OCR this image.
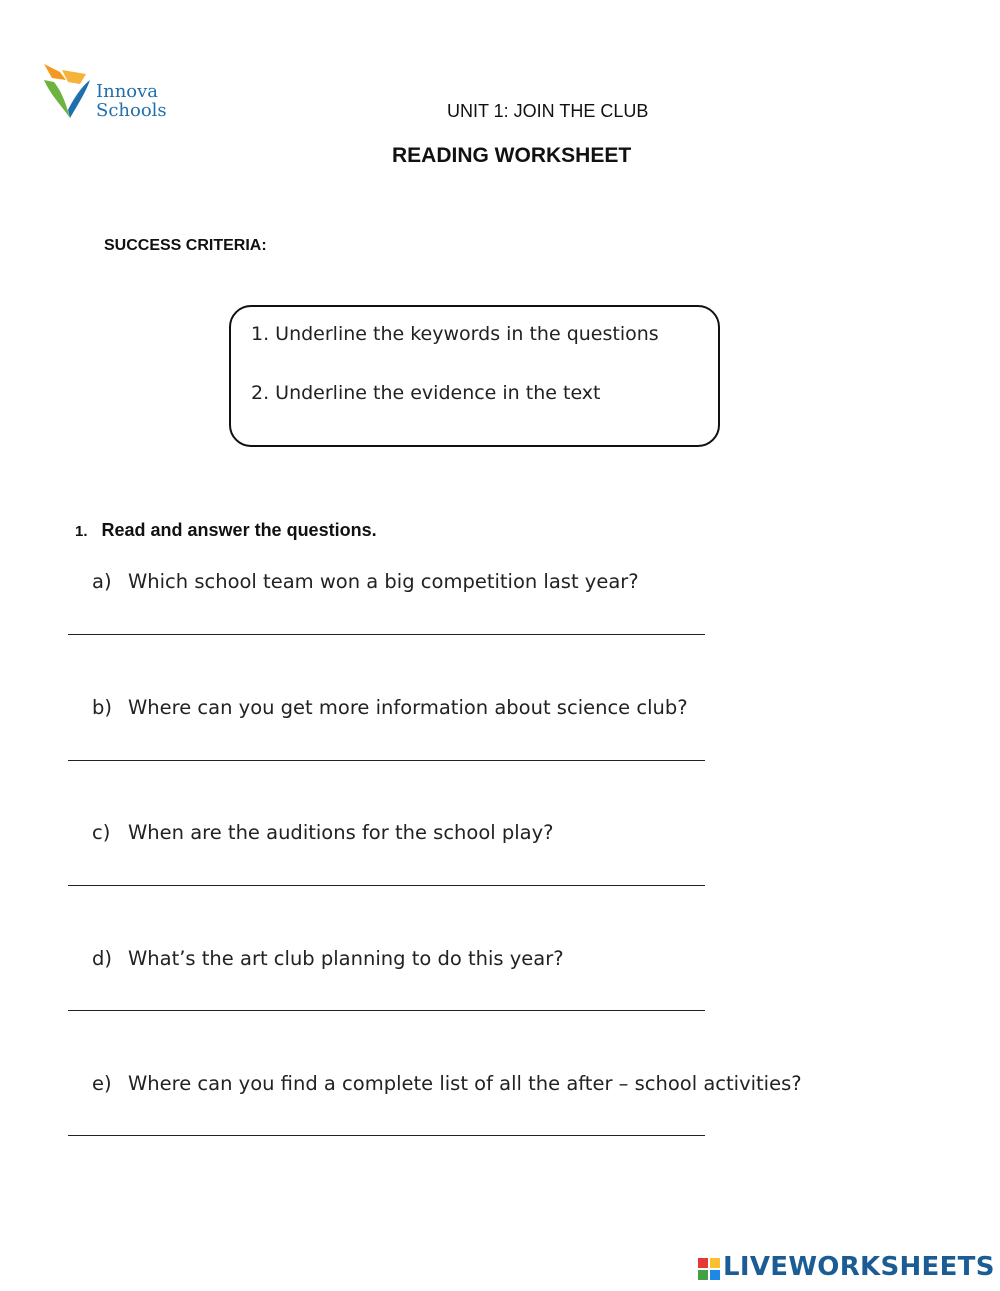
Innova
Schools	UNIT 1: JOIN THE CLUB
READING WORKSHEET
SUCCESS CRITERIA:
1. Underline the keywords in the questions
2. Underline the evidence in the text
1. Read and answer the questions.
a) Which school team won a big competition last year?
b) Where can you get more information about science club?
c) When are the auditions for the school play?
d) What’s the art club planning to do this year?
e) Where can you find a complete list of all the after – school activities?
LIVEWORKSHEETS
